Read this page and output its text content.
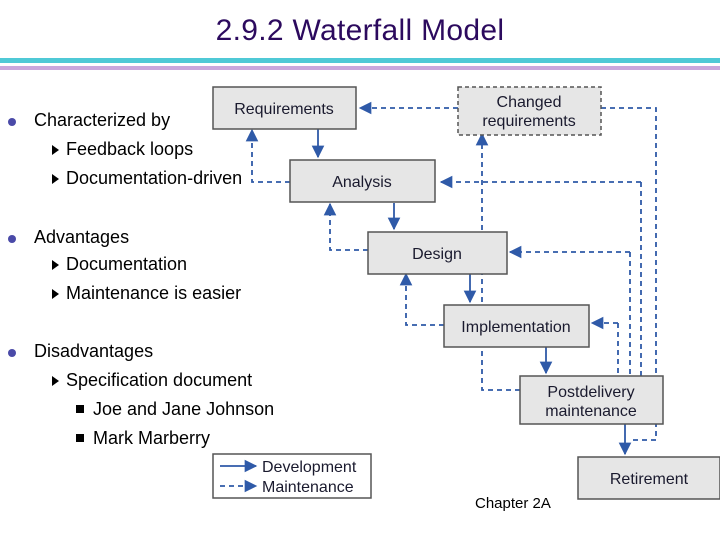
2.9.2 Waterfall Model
Characterized by
Feedback loops
Documentation-driven
Advantages
Documentation
Maintenance is easier
Disadvantages
Specification document
Joe and Jane Johnson
Mark Marberry
Requirements	Changed
requirements
Analysis
Design
Implementation
Postdelivery
maintenance
Retirement
Development
Maintenance
Chapter 2A
